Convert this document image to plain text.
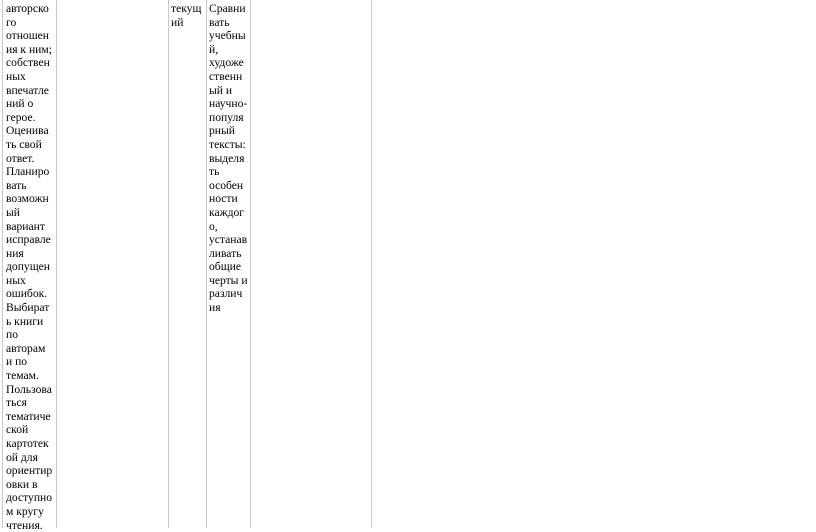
авторско
го
отношен
ия к ним;
собствен
ных
впечатле
ний о
герое.
Оценива
ть свой
ответ.
Планиро
вать
возможн
ый
вариант
исправле
ния
допущен
ных
ошибок.
Выбират
ь книги
по
авторам
и по
темам.
Пользова
ться
тематиче
ской
картотек
ой для
ориентир
овки в
доступно
м кругу
чтения.
текущ
ий
Сравни
вать
учебны
й,
художе
ственн
ый и
научно-
популя
рный
тексты:
выделя
ть
особен
ности
каждог
о,
устанав
ливать
общие
черты и
различ
ия
